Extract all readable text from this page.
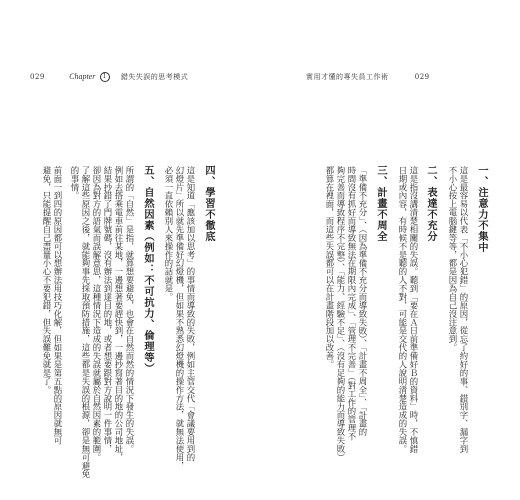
029	Chapter 1 錯失失誤的思考模式	實用才懂的專失員工作術	029
一、注意力不集中
這是最容易以代表「不小心犯錯」的原因，從忘了約好的事、錯別字、漏字到
不小心按上電腦鍵等等，都是因為自己沒注意到。
二、表達不充分
這是指沒講清楚相關的失誤。聽到「要在Ａ日前準備好Ｂ的資料」時，不慎錯
日期或內容，有時候不是聽的人不對，可能是交代的人說明清楚造成的失誤。
三、計畫不周全
「準備不充分」、（因為準備不充分而導致失敗）、「計畫不周全」、「計畫的
時間沒有抓好而導致無法在期限內完成」、「管理不完善」（對工作的管理不
夠完善而導致程序不完整）、「能力、經驗不足」、（沒有足夠的能力而導致失敗）
都算在裡面，而這些失誤都可以在計畫階段加以改善。
四、學習不徹底
這是知道「應該加以思考」的事情而導致的失敗，例如主管交代「會議要用到的
幻燈片」所以就先準備好幻燈機，但如果不熟悉幻燈機的操作方法，就無法使用，
必須一直依賴別人來操作的話就是。
五、自然因素（例如：不可抗力、倫理等）
所謂的「自然」是指，就算想要避免，也會在自然而然的情況下發生的失誤。
例如去搭乘電車前往某地，一邊想著要趕快到，一邊抄寫著目的地的公司地址，
結果抄錯了門牌號碼，沒有辦法到達目的地，或者想要跟對方說明一件事情，
卻因為對方的語氣而誤解意思，這種情況下造成的失誤就屬於自然因素的範圍。
了解這些原因之後，就能夠事先採取預防措施，這些都是失誤的根源，卻是無可避免
的事情。
前面一到四的原因都可以想辦法用技巧化解，但如果是第五點的原因就無可
避免，只能提醒自己盡量小心不要犯錯，但失誤難免就是了。
